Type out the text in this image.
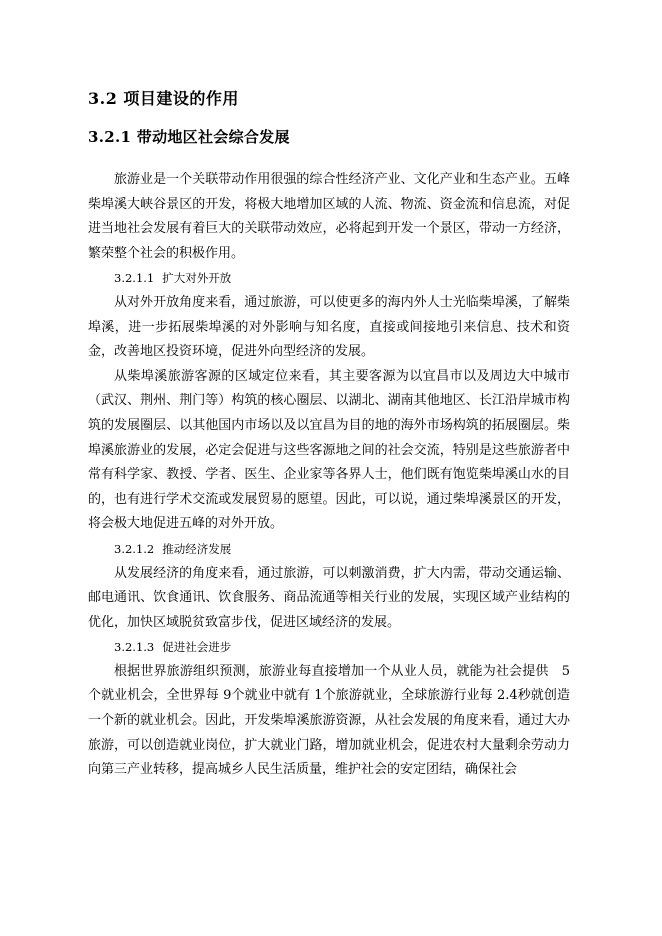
3.2 项目建设的作用
3.2.1 带动地区社会综合发展

旅游业是一个关联带动作用很强的综合性经济产业、文化产业和生态产业。五峰柴埠溪大峡谷景区的开发，将极大地增加区域的人流、物流、资金流和信息流，对促进当地社会发展有着巨大的关联带动效应，必将起到开发一个景区，带动一方经济，繁荣整个社会的积极作用。

3.2.1.1 扩大对外开放

从对外开放角度来看，通过旅游，可以使更多的海内外人士光临柴埠溪，了解柴埠溪，进一步拓展柴埠溪的对外影响与知名度，直接或间接地引来信息、技术和资金，改善地区投资环境，促进外向型经济的发展。

从柴埠溪旅游客源的区域定位来看，其主要客源为以宜昌市以及周边大中城市（武汉、荆州、荆门等）构筑的核心圈层、以湖北、湖南其他地区、长江沿岸城市构筑的发展圈层、以其他国内市场以及以宜昌为目的地的海外市场构筑的拓展圈层。柴埠溪旅游业的发展，必定会促进与这些客源地之间的社会交流，特别是这些旅游者中常有科学家、教授、学者、医生、企业家等各界人士，他们既有饱览柴埠溪山水的目的，也有进行学术交流或发展贸易的愿望。因此，可以说，通过柴埠溪景区的开发，将会极大地促进五峰的对外开放。

3.2.1.2 推动经济发展

从发展经济的角度来看，通过旅游，可以刺激消费，扩大内需，带动交通运输、邮电通讯、饮食通讯、饮食服务、商品流通等相关行业的发展，实现区域产业结构的优化，加快区域脱贫致富步伐，促进区域经济的发展。

3.2.1.3 促进社会进步

根据世界旅游组织预测，旅游业每直接增加一个从业人员，就能为社会提供　5个就业机会，全世界每 9个就业中就有 1个旅游就业，全球旅游行业每 2.4秒就创造一个新的就业机会。因此，开发柴埠溪旅游资源，从社会发展的角度来看，通过大办旅游，可以创造就业岗位，扩大就业门路，增加就业机会，促进农村大量剩余劳动力向第三产业转移，提高城乡人民生活质量，维护社会的安定团结，确保社会
